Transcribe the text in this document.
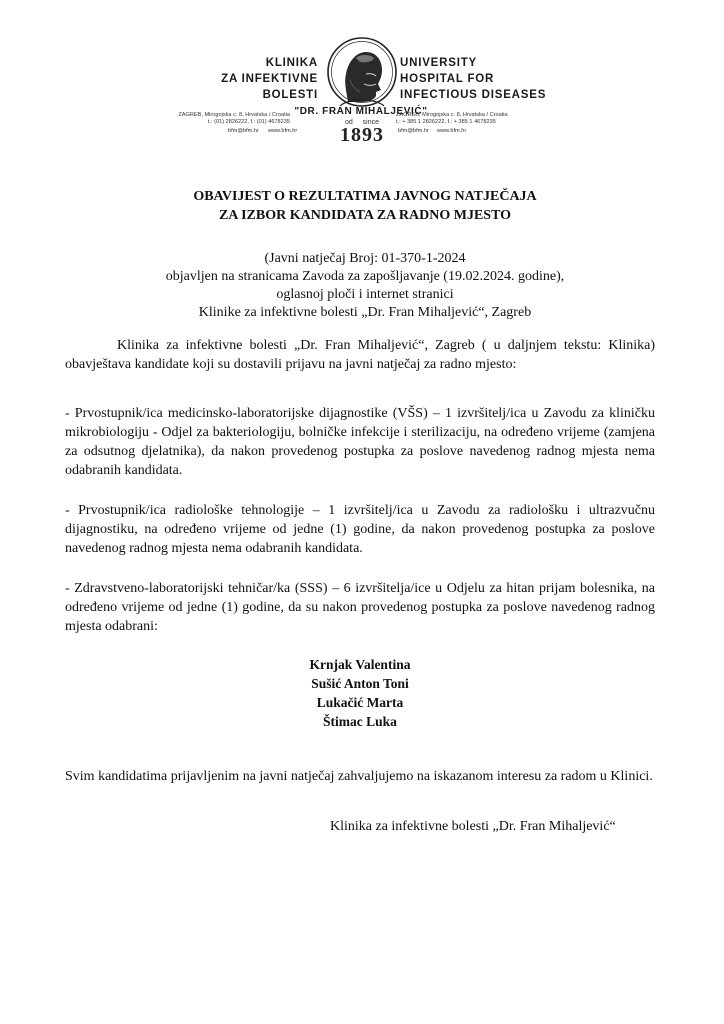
KLINIKA
ZA INFEKTIVNE
BOLESTI
UNIVERSITY
HOSPITAL FOR
INFECTIOUS DISEASES
"DR. FRAN MIHALJEVIĆ"
ZAGREB, Mirogojska c. 8, Hrvatska / Croatia
t.: (01) 2826222, f.: (01) 4678235
bfm@bfm.hr www.bfm.hr
od since
1893
ZAGREB, Mirogojska c. 8, Hrvatska / Croatia
t.: + 385 1 2826222, f.: + 385 1 4678235
bfm@bfm.hr www.bfm.hr
OBAVIJEST O REZULTATIMA JAVNOG NATJEČAJA
ZA IZBOR KANDIDATA ZA RADNO MJESTO
(Javni natječaj Broj: 01-370-1-2024
objavljen na stranicama Zavoda za zapošljavanje (19.02.2024. godine),
oglasnoj ploči i internet stranici
Klinike za infektivne bolesti „Dr. Fran Mihaljević“, Zagreb

Klinika za infektivne bolesti „Dr. Fran Mihaljević“, Zagreb ( u daljnjem tekstu: Klinika) obavještava kandidate koji su dostavili prijavu na javni natječaj za radno mjesto:

- Prvostupnik/ica medicinsko-laboratorijske dijagnostike (VŠS) – 1 izvršitelj/ica u Zavodu za kliničku mikrobiologiju - Odjel za bakteriologiju, bolničke infekcije i sterilizaciju, na određeno vrijeme (zamjena za odsutnog djelatnika), da nakon provedenog postupka za poslove navedenog radnog mjesta nema odabranih kandidata.

- Prvostupnik/ica radiološke tehnologije – 1 izvršitelj/ica u Zavodu za radiološku i ultrazvučnu dijagnostiku, na određeno vrijeme od jedne (1) godine, da nakon provedenog postupka za poslove navedenog radnog mjesta nema odabranih kandidata.

- Zdravstveno-laboratorijski tehničar/ka (SSS) – 6 izvršitelja/ice u Odjelu za hitan prijam bolesnika, na određeno vrijeme od jedne (1) godine, da su nakon provedenog postupka za poslove navedenog radnog mjesta odabrani:

Krnjak Valentina
Sušić Anton Toni
Lukačić Marta
Štimac Luka

Svim kandidatima prijavljenim na javni natječaj zahvaljujemo na iskazanom interesu za radom u Klinici.

Klinika za infektivne bolesti „Dr. Fran Mihaljević“
